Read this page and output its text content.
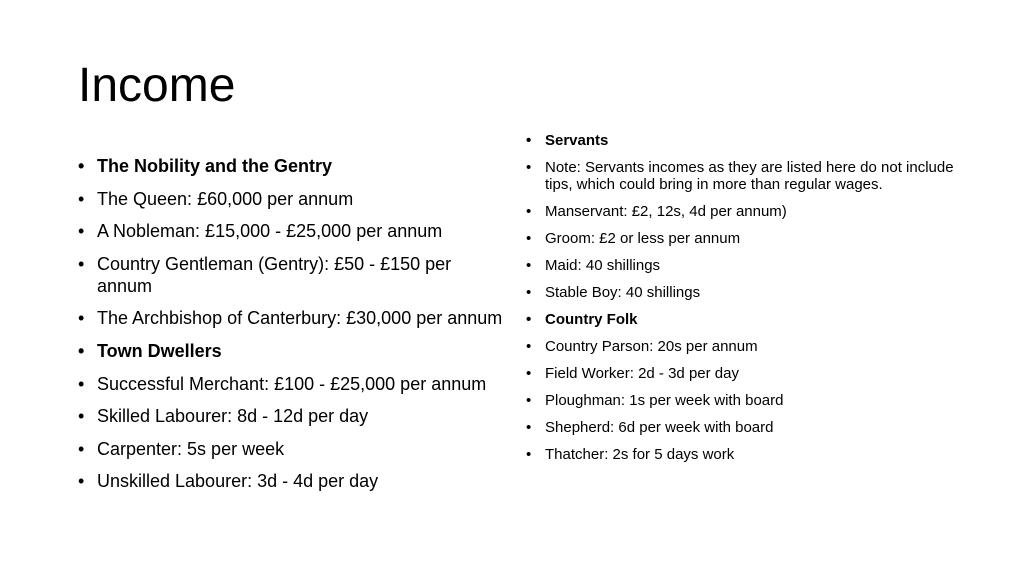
Income
• The Nobility and the Gentry
• The Queen: £60,000 per annum
• A Nobleman: £15,000 - £25,000 per annum
• Country Gentleman (Gentry): £50 - £150 per annum
• The Archbishop of Canterbury: £30,000 per annum
• Town Dwellers
• Successful Merchant: £100 - £25,000 per annum
• Skilled Labourer: 8d - 12d per day
• Carpenter: 5s per week
• Unskilled Labourer: 3d - 4d per day
• Servants
• Note: Servants incomes as they are listed here do not include tips, which could bring in more than regular wages.
• Manservant: £2, 12s, 4d per annum)
• Groom: £2 or less per annum
• Maid: 40 shillings
• Stable Boy: 40 shillings
• Country Folk
• Country Parson: 20s per annum
• Field Worker: 2d - 3d per day
• Ploughman: 1s per week with board
• Shepherd: 6d per week with board
• Thatcher: 2s for 5 days work
